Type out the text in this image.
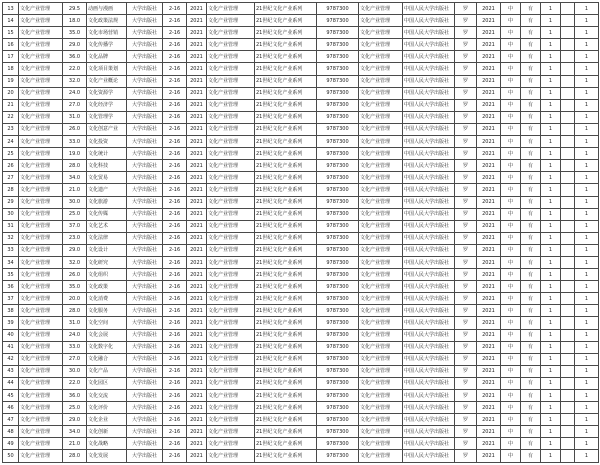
13	文化产业管理	29.5	动画与漫画	大学出版社	2-16	2021	文化产业管理	21世纪文化产业系列	9787300	文化产业管理	中国人民大学出版社	罗	2021	中	有	1		1
14	文化产业管理	18.0	文化政策法规	大学出版社	2-16	2021	文化产业管理	21世纪文化产业系列	9787300	文化产业管理	中国人民大学出版社	罗	2021	中	有	1		1
15	文化产业管理	35.0	文化市场营销	大学出版社	2-16	2021	文化产业管理	21世纪文化产业系列	9787300	文化产业管理	中国人民大学出版社	罗	2021	中	有	1		1
16	文化产业管理	29.0	文化传播学	大学出版社	2-16	2021	文化产业管理	21世纪文化产业系列	9787300	文化产业管理	中国人民大学出版社	罗	2021	中	有	1		1
17	文化产业管理	36.0	文化品牌	大学出版社	2-16	2021	文化产业管理	21世纪文化产业系列	9787300	文化产业管理	中国人民大学出版社	罗	2021	中	有	1		1
18	文化产业管理	22.0	文化项目策划	大学出版社	2-16	2021	文化产业管理	21世纪文化产业系列	9787300	文化产业管理	中国人民大学出版社	罗	2021	中	有	1		1
19	文化产业管理	32.0	文化产业概论	大学出版社	2-16	2021	文化产业管理	21世纪文化产业系列	9787300	文化产业管理	中国人民大学出版社	罗	2021	中	有	1		1
20	文化产业管理	24.0	文化资源学	大学出版社	2-16	2021	文化产业管理	21世纪文化产业系列	9787300	文化产业管理	中国人民大学出版社	罗	2021	中	有	1		1
21	文化产业管理	27.0	文化经济学	大学出版社	2-16	2021	文化产业管理	21世纪文化产业系列	9787300	文化产业管理	中国人民大学出版社	罗	2021	中	有	1		1
22	文化产业管理	31.0	文化管理学	大学出版社	2-16	2021	文化产业管理	21世纪文化产业系列	9787300	文化产业管理	中国人民大学出版社	罗	2021	中	有	1		1
23	文化产业管理	26.0	文化创意产业	大学出版社	2-16	2021	文化产业管理	21世纪文化产业系列	9787300	文化产业管理	中国人民大学出版社	罗	2021	中	有	1		1
24	文化产业管理	33.0	文化投资	大学出版社	2-16	2021	文化产业管理	21世纪文化产业系列	9787300	文化产业管理	中国人民大学出版社	罗	2021	中	有	1		1
25	文化产业管理	19.0	文化统计	大学出版社	2-16	2021	文化产业管理	21世纪文化产业系列	9787300	文化产业管理	中国人民大学出版社	罗	2021	中	有	1		1
26	文化产业管理	28.0	文化科技	大学出版社	2-16	2021	文化产业管理	21世纪文化产业系列	9787300	文化产业管理	中国人民大学出版社	罗	2021	中	有	1		1
27	文化产业管理	34.0	文化贸易	大学出版社	2-16	2021	文化产业管理	21世纪文化产业系列	9787300	文化产业管理	中国人民大学出版社	罗	2021	中	有	1		1
28	文化产业管理	21.0	文化遗产	大学出版社	2-16	2021	文化产业管理	21世纪文化产业系列	9787300	文化产业管理	中国人民大学出版社	罗	2021	中	有	1		1
29	文化产业管理	30.0	文化旅游	大学出版社	2-16	2021	文化产业管理	21世纪文化产业系列	9787300	文化产业管理	中国人民大学出版社	罗	2021	中	有	1		1
30	文化产业管理	25.0	文化传媒	大学出版社	2-16	2021	文化产业管理	21世纪文化产业系列	9787300	文化产业管理	中国人民大学出版社	罗	2021	中	有	1		1
31	文化产业管理	37.0	文化艺术	大学出版社	2-16	2021	文化产业管理	21世纪文化产业系列	9787300	文化产业管理	中国人民大学出版社	罗	2021	中	有	1		1
32	文化产业管理	23.0	文化法律	大学出版社	2-16	2021	文化产业管理	21世纪文化产业系列	9787300	文化产业管理	中国人民大学出版社	罗	2021	中	有	1		1
33	文化产业管理	29.0	文化设计	大学出版社	2-16	2021	文化产业管理	21世纪文化产业系列	9787300	文化产业管理	中国人民大学出版社	罗	2021	中	有	1		1
34	文化产业管理	32.0	文化研究	大学出版社	2-16	2021	文化产业管理	21世纪文化产业系列	9787300	文化产业管理	中国人民大学出版社	罗	2021	中	有	1		1
35	文化产业管理	26.0	文化组织	大学出版社	2-16	2021	文化产业管理	21世纪文化产业系列	9787300	文化产业管理	中国人民大学出版社	罗	2021	中	有	1		1
36	文化产业管理	35.0	文化政策	大学出版社	2-16	2021	文化产业管理	21世纪文化产业系列	9787300	文化产业管理	中国人民大学出版社	罗	2021	中	有	1		1
37	文化产业管理	20.0	文化消费	大学出版社	2-16	2021	文化产业管理	21世纪文化产业系列	9787300	文化产业管理	中国人民大学出版社	罗	2021	中	有	1		1
38	文化产业管理	28.0	文化服务	大学出版社	2-16	2021	文化产业管理	21世纪文化产业系列	9787300	文化产业管理	中国人民大学出版社	罗	2021	中	有	1		1
39	文化产业管理	31.0	文化空间	大学出版社	2-16	2021	文化产业管理	21世纪文化产业系列	9787300	文化产业管理	中国人民大学出版社	罗	2021	中	有	1		1
40	文化产业管理	24.0	文化会展	大学出版社	2-16	2021	文化产业管理	21世纪文化产业系列	9787300	文化产业管理	中国人民大学出版社	罗	2021	中	有	1		1
41	文化产业管理	33.0	文化数字化	大学出版社	2-16	2021	文化产业管理	21世纪文化产业系列	9787300	文化产业管理	中国人民大学出版社	罗	2021	中	有	1		1
42	文化产业管理	27.0	文化融合	大学出版社	2-16	2021	文化产业管理	21世纪文化产业系列	9787300	文化产业管理	中国人民大学出版社	罗	2021	中	有	1		1
43	文化产业管理	30.0	文化产品	大学出版社	2-16	2021	文化产业管理	21世纪文化产业系列	9787300	文化产业管理	中国人民大学出版社	罗	2021	中	有	1		1
44	文化产业管理	22.0	文化园区	大学出版社	2-16	2021	文化产业管理	21世纪文化产业系列	9787300	文化产业管理	中国人民大学出版社	罗	2021	中	有	1		1
45	文化产业管理	36.0	文化交流	大学出版社	2-16	2021	文化产业管理	21世纪文化产业系列	9787300	文化产业管理	中国人民大学出版社	罗	2021	中	有	1		1
46	文化产业管理	25.0	文化评价	大学出版社	2-16	2021	文化产业管理	21世纪文化产业系列	9787300	文化产业管理	中国人民大学出版社	罗	2021	中	有	1		1
47	文化产业管理	29.0	文化企业	大学出版社	2-16	2021	文化产业管理	21世纪文化产业系列	9787300	文化产业管理	中国人民大学出版社	罗	2021	中	有	1		1
48	文化产业管理	34.0	文化创新	大学出版社	2-16	2021	文化产业管理	21世纪文化产业系列	9787300	文化产业管理	中国人民大学出版社	罗	2021	中	有	1		1
49	文化产业管理	21.0	文化战略	大学出版社	2-16	2021	文化产业管理	21世纪文化产业系列	9787300	文化产业管理	中国人民大学出版社	罗	2021	中	有	1		1
50	文化产业管理	28.0	文化发展	大学出版社	2-16	2021	文化产业管理	21世纪文化产业系列	9787300	文化产业管理	中国人民大学出版社	罗	2021	中	有	1		1
